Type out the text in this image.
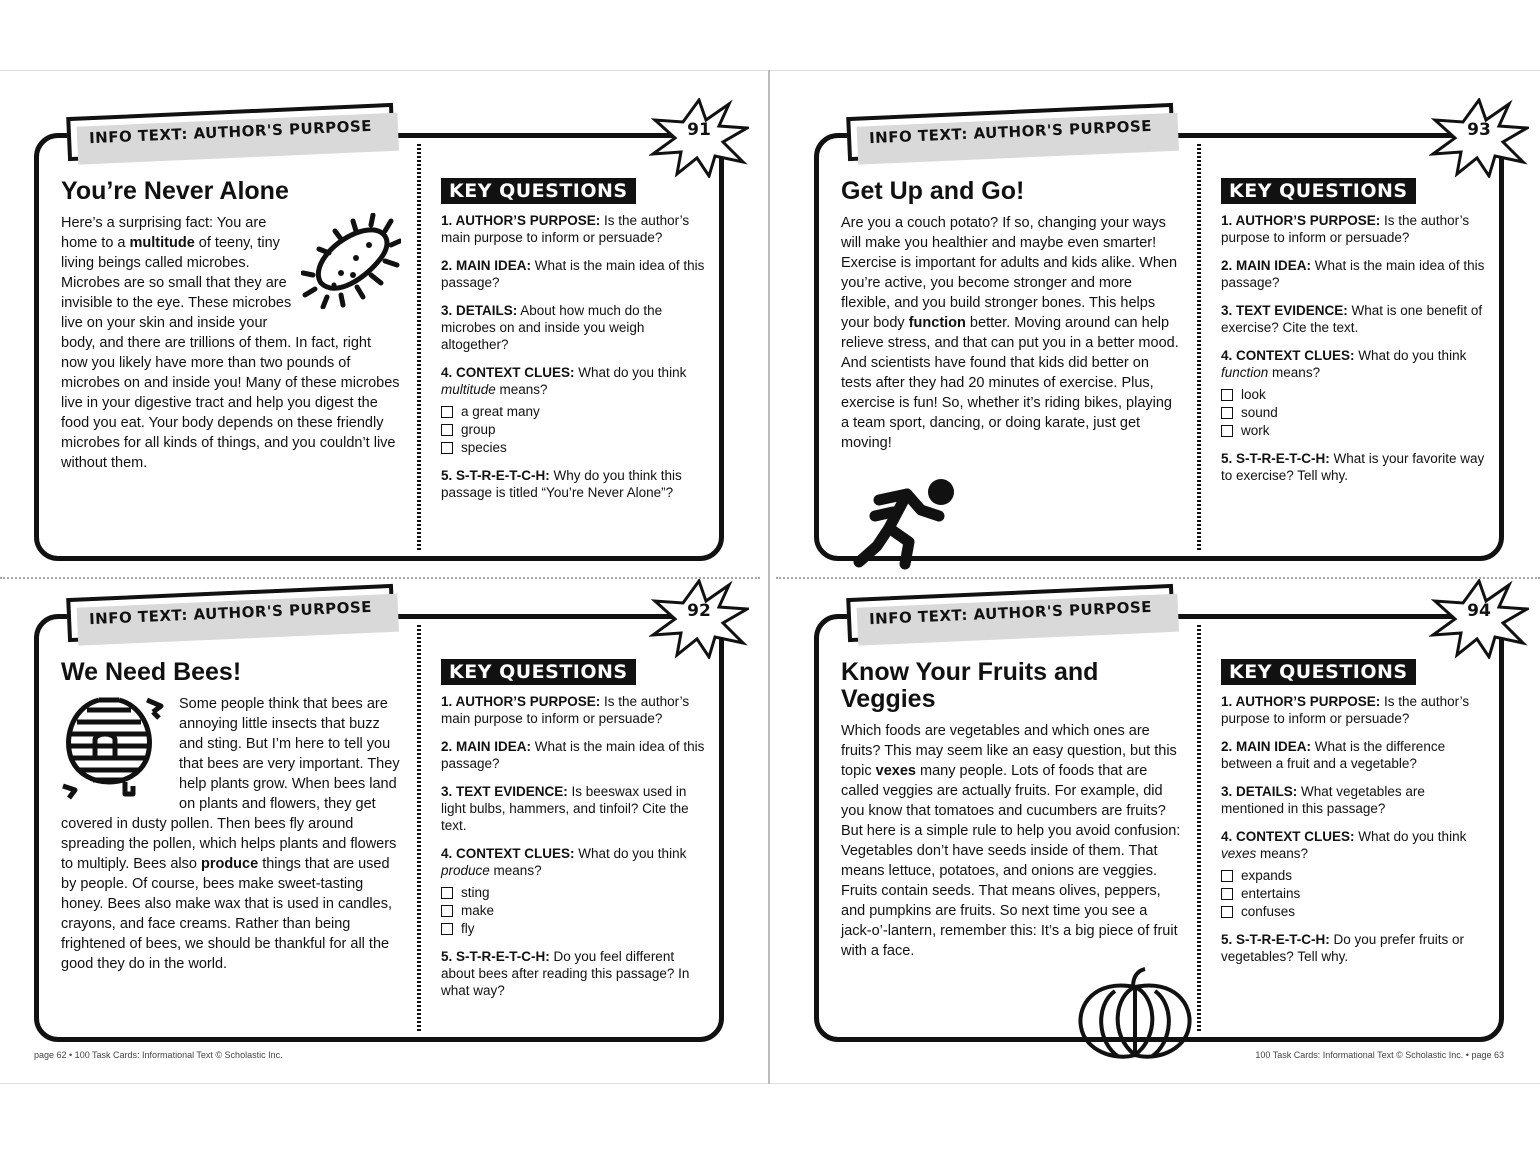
INFO TEXT: AUTHOR'S PURPOSE	91
You’re Never Alone
Here’s a surprising fact: You are home to a multitude of teeny, tiny living beings called microbes. Microbes are so small that they are invisible to the eye. These microbes live on your skin and inside your body, and there are trillions of them. In fact, right now you likely have more than two pounds of microbes on and inside you! Many of these microbes live in your digestive tract and help you digest the food you eat. Your body depends on these friendly microbes for all kinds of things, and you couldn’t live without them.
KEY QUESTIONS
1. AUTHOR’S PURPOSE: Is the author’s main purpose to inform or persuade?
2. MAIN IDEA: What is the main idea of this passage?
3. DETAILS: About how much do the microbes on and inside you weigh altogether?
4. CONTEXT CLUES: What do you think multitude means?
a great many
group
species
5. S-T-R-E-T-C-H: Why do you think this passage is titled “You’re Never Alone”?
INFO TEXT: AUTHOR'S PURPOSE	93
Get Up and Go!
Are you a couch potato? If so, changing your ways will make you healthier and maybe even smarter! Exercise is important for adults and kids alike. When you’re active, you become stronger and more flexible, and you build stronger bones. This helps your body function better. Moving around can help relieve stress, and that can put you in a better mood. And scientists have found that kids did better on tests after they had 20 minutes of exercise. Plus, exercise is fun! So, whether it’s riding bikes, playing a team sport, dancing, or doing karate, just get moving!
KEY QUESTIONS
1. AUTHOR’S PURPOSE: Is the author’s purpose to inform or persuade?
2. MAIN IDEA: What is the main idea of this passage?
3. TEXT EVIDENCE: What is one benefit of exercise? Cite the text.
4. CONTEXT CLUES: What do you think function means?
look
sound
work
5. S-T-R-E-T-C-H: What is your favorite way to exercise? Tell why.
INFO TEXT: AUTHOR'S PURPOSE	92
We Need Bees!
Some people think that bees are annoying little insects that buzz and sting. But I’m here to tell you that bees are very important. They help plants grow. When bees land on plants and flowers, they get covered in dusty pollen. Then bees fly around spreading the pollen, which helps plants and flowers to multiply. Bees also produce things that are used by people. Of course, bees make sweet-tasting honey. Bees also make wax that is used in candles, crayons, and face creams. Rather than being frightened of bees, we should be thankful for all the good they do in the world.
KEY QUESTIONS
1. AUTHOR’S PURPOSE: Is the author’s main purpose to inform or persuade?
2. MAIN IDEA: What is the main idea of this passage?
3. TEXT EVIDENCE: Is beeswax used in light bulbs, hammers, and tinfoil? Cite the text.
4. CONTEXT CLUES: What do you think produce means?
sting
make
fly
5. S-T-R-E-T-C-H: Do you feel different about bees after reading this passage? In what way?
INFO TEXT: AUTHOR'S PURPOSE	94
Know Your Fruits and Veggies
Which foods are vegetables and which ones are fruits? This may seem like an easy question, but this topic vexes many people. Lots of foods that are called veggies are actually fruits. For example, did you know that tomatoes and cucumbers are fruits? But here is a simple rule to help you avoid confusion: Vegetables don’t have seeds inside of them. That means lettuce, potatoes, and onions are veggies. Fruits contain seeds. That means olives, peppers, and pumpkins are fruits. So next time you see a jack-o’-lantern, remember this: It’s a big piece of fruit with a face.
KEY QUESTIONS
1. AUTHOR’S PURPOSE: Is the author’s purpose to inform or persuade?
2. MAIN IDEA: What is the difference between a fruit and a vegetable?
3. DETAILS: What vegetables are mentioned in this passage?
4. CONTEXT CLUES: What do you think vexes means?
expands
entertains
confuses
5. S-T-R-E-T-C-H: Do you prefer fruits or vegetables? Tell why.
page 62 • 100 Task Cards: Informational Text © Scholastic Inc.	100 Task Cards: Informational Text © Scholastic Inc. • page 63
